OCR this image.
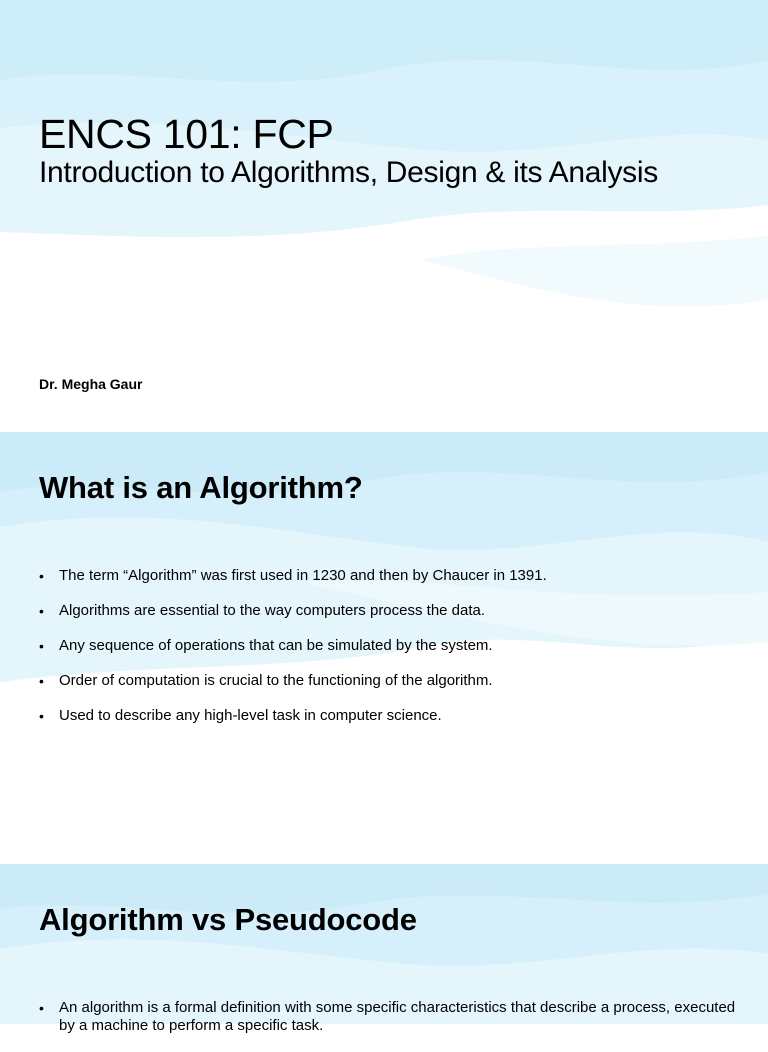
ENCS 101: FCP
Introduction to Algorithms, Design & its Analysis

Dr. Megha Gaur

What is an Algorithm?
• The term “Algorithm” was first used in 1230 and then by Chaucer in 1391.
• Algorithms are essential to the way computers process the data.
• Any sequence of operations that can be simulated by the system.
• Order of computation is crucial to the functioning of the algorithm.
• Used to describe any high-level task in computer science.
Algorithm vs Pseudocode
• An algorithm is a formal definition with some specific characteristics that describe a process, executed by a machine to perform a specific task.
